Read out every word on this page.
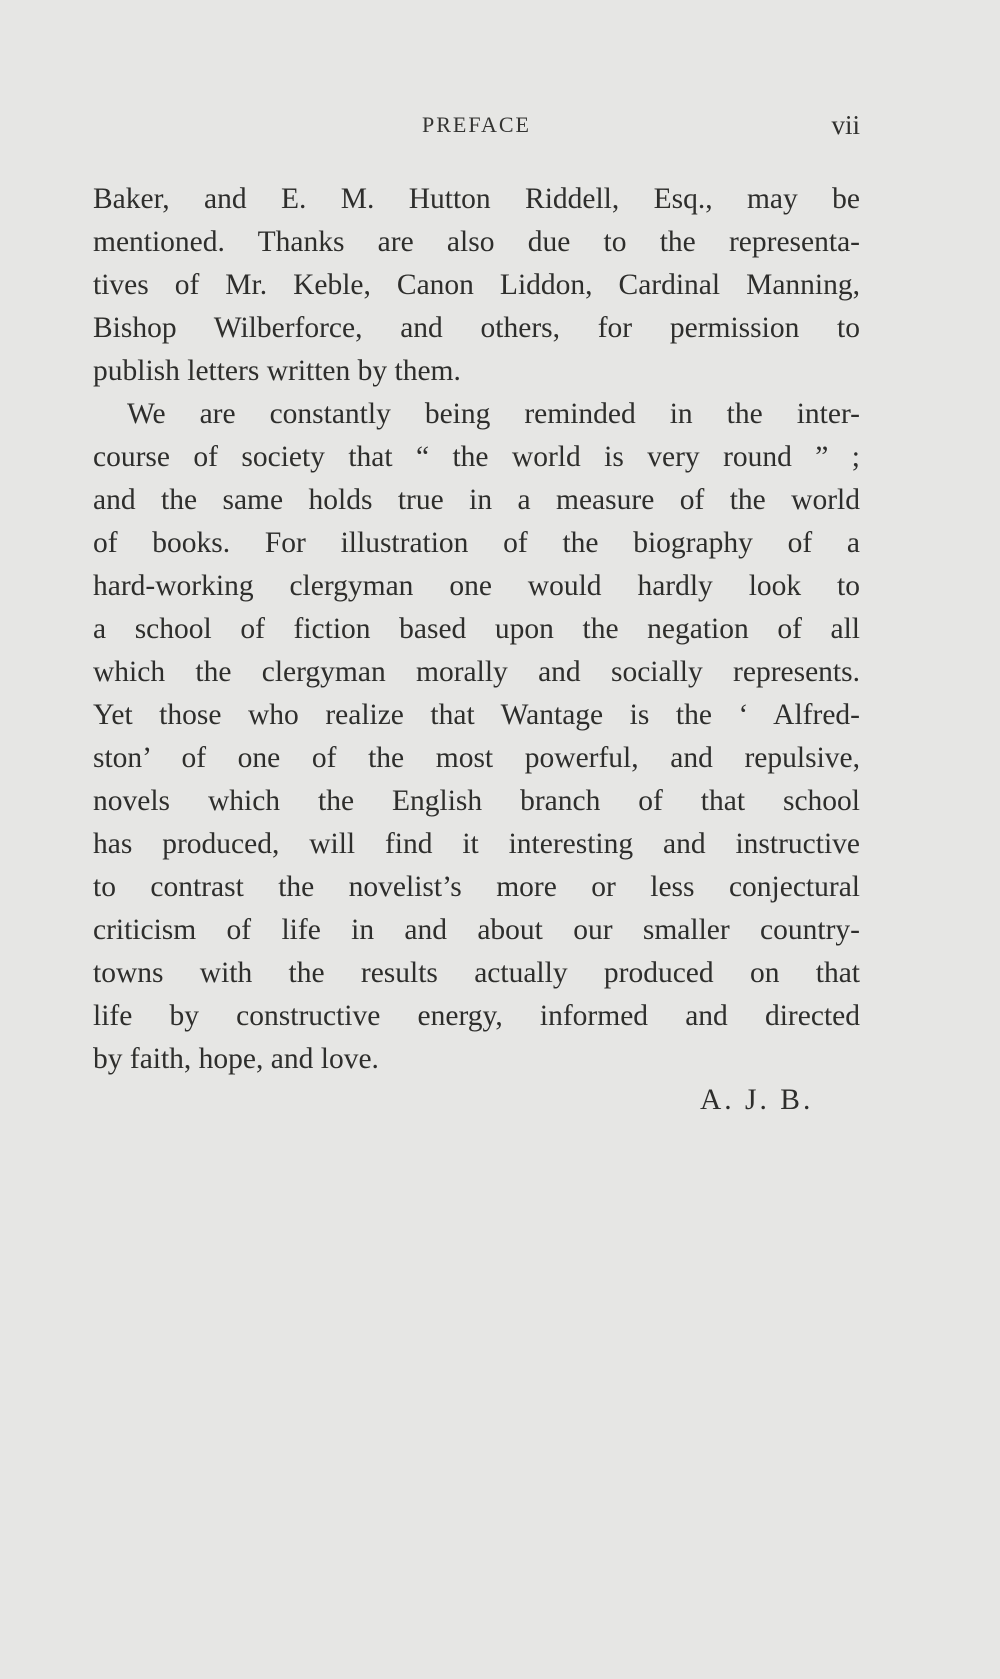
PREFACE	vii
Baker, and E. M. Hutton Riddell, Esq., may be
mentioned. Thanks are also due to the representa-
tives of Mr. Keble, Canon Liddon, Cardinal Manning,
Bishop Wilberforce, and others, for permission to
publish letters written by them.
We are constantly being reminded in the inter-
course of society that “ the world is very round ” ;
and the same holds true in a measure of the world
of books. For illustration of the biography of a
hard-working clergyman one would hardly look to
a school of fiction based upon the negation of all
which the clergyman morally and socially represents.
Yet those who realize that Wantage is the ‘ Alfred-
ston’ of one of the most powerful, and repulsive,
novels which the English branch of that school
has produced, will find it interesting and instructive
to contrast the novelist’s more or less conjectural
criticism of life in and about our smaller country-
towns with the results actually produced on that
life by constructive energy, informed and directed
by faith, hope, and love.
A. J. B.
